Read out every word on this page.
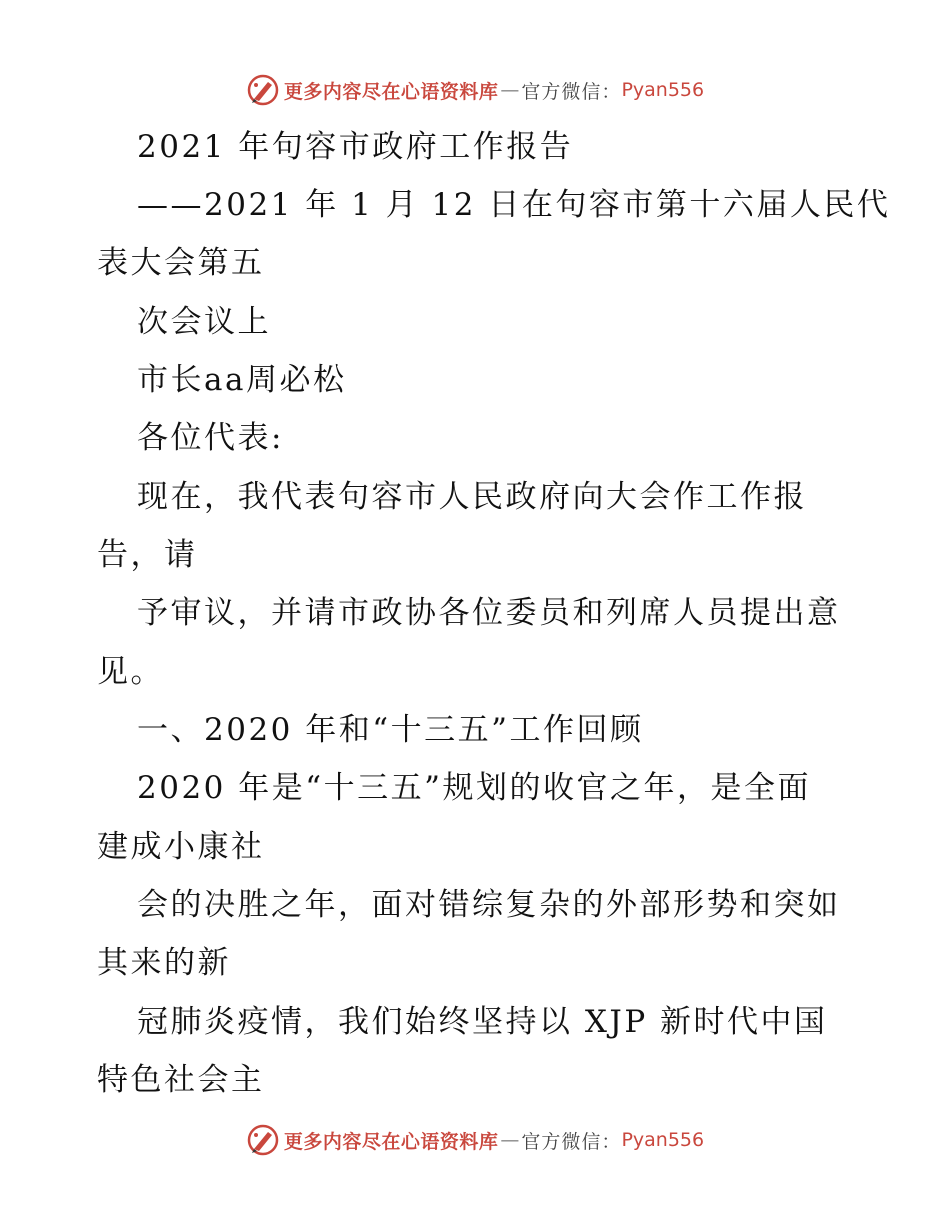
更多内容尽在心语资料库 — 官方微信： Pyan556
2021 年句容市政府工作报告
——2021 年 1 月 12 日在句容市第十六届人民代
表大会第五
次会议上
市长aa周必松
各位代表:
现在，我代表句容市人民政府向大会作工作报
告，请
予审议，并请市政协各位委员和列席人员提出意
见。
一、2020 年和“十三五”工作回顾
2020 年是“十三五”规划的收官之年，是全面
建成小康社
会的决胜之年，面对错综复杂的外部形势和突如
其来的新
冠肺炎疫情，我们始终坚持以 XJP 新时代中国
特色社会主
更多内容尽在心语资料库 — 官方微信： Pyan556
